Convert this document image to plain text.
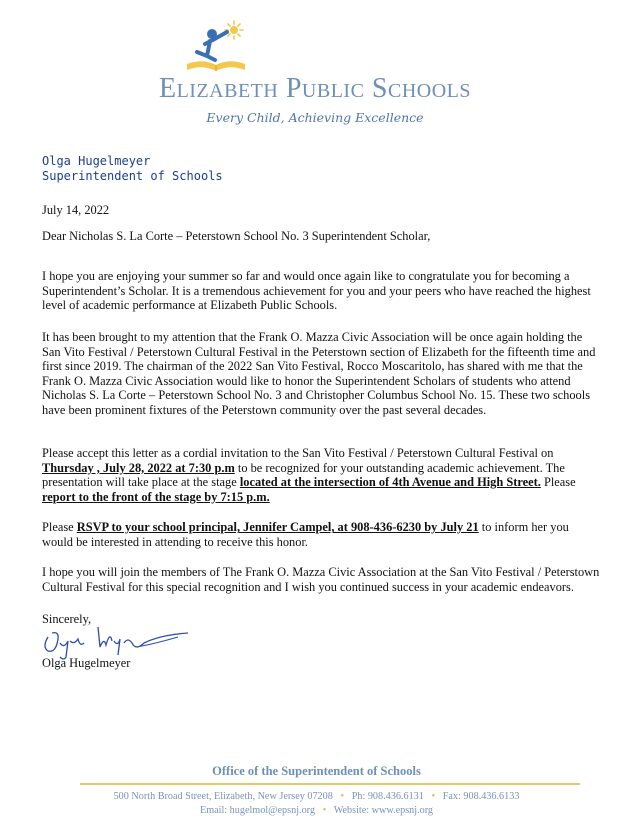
Elizabeth Public Schools
Every Child, Achieving Excellence
Olga Hugelmeyer
Superintendent of Schools
July 14, 2022
Dear Nicholas S. La Corte – Peterstown School No. 3 Superintendent Scholar,

I hope you are enjoying your summer so far and would once again like to congratulate you for becoming a Superintendent’s Scholar. It is a tremendous achievement for you and your peers who have reached the highest level of academic performance at Elizabeth Public Schools.

It has been brought to my attention that the Frank O. Mazza Civic Association will be once again holding the San Vito Festival / Peterstown Cultural Festival in the Peterstown section of Elizabeth for the fifteenth time and first since 2019. The chairman of the 2022 San Vito Festival, Rocco Moscaritolo, has shared with me that the Frank O. Mazza Civic Association would like to honor the Superintendent Scholars of students who attend Nicholas S. La Corte – Peterstown School No. 3 and Christopher Columbus School No. 15. These two schools have been prominent fixtures of the Peterstown community over the past several decades.

Please accept this letter as a cordial invitation to the San Vito Festival / Peterstown Cultural Festival on Thursday , July 28, 2022 at 7:30 p.m to be recognized for your outstanding academic achievement. The presentation will take place at the stage located at the intersection of 4th Avenue and High Street. Please report to the front of the stage by 7:15 p.m.

Please RSVP to your school principal, Jennifer Campel, at 908-436-6230 by July 21 to inform her you would be interested in attending to receive this honor.

I hope you will join the members of The Frank O. Mazza Civic Association at the San Vito Festival / Peterstown Cultural Festival for this special recognition and I wish you continued success in your academic endeavors.

Sincerely,
Olga Hugelmeyer
Office of the Superintendent of Schools
500 North Broad Street, Elizabeth, New Jersey 07208 • Ph: 908.436.6131 • Fax: 908.436.6133
Email: hugelmol@epsnj.org • Website: www.epsnj.org
